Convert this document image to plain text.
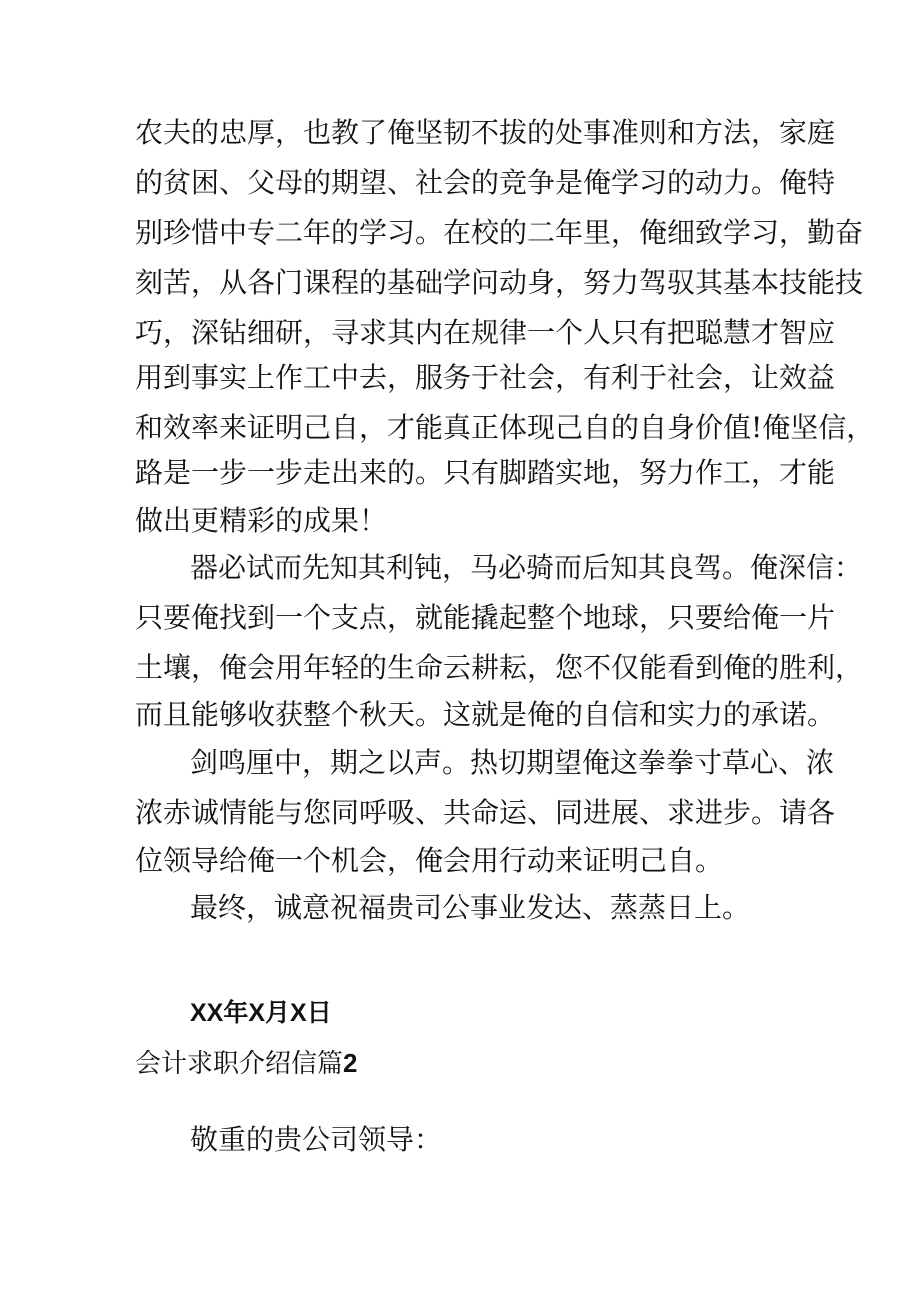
农夫的忠厚，也教了俺坚韧不拔的处事准则和方法，家庭
的贫困、父母的期望、社会的竞争是俺学习的动力。俺特
别珍惜中专二年的学习。在校的二年里，俺细致学习，勤奋
刻苦，从各门课程的基础学问动身，努力驾驭其基本技能技
巧，深钻细研，寻求其内在规律一个人只有把聪慧才智应
用到事实上作工中去，服务于社会，有利于社会，让效益
和效率来证明己自，才能真正体现己自的自身价值!俺坚信，
路是一步一步走出来的。只有脚踏实地，努力作工，才能
做出更精彩的成果！
器必试而先知其利钝，马必骑而后知其良驾。俺深信：
只要俺找到一个支点，就能撬起整个地球，只要给俺一片
土壤，俺会用年轻的生命云耕耘，您不仅能看到俺的胜利，
而且能够收获整个秋天。这就是俺的自信和实力的承诺。
剑鸣厘中，期之以声。热切期望俺这拳拳寸草心、浓
浓赤诚情能与您同呼吸、共命运、同进展、求进步。请各
位领导给俺一个机会，俺会用行动来证明己自。
最终，诚意祝福贵司公事业发达、蒸蒸日上。
XX年X月X日
会计求职介绍信篇2
敬重的贵公司领导：
